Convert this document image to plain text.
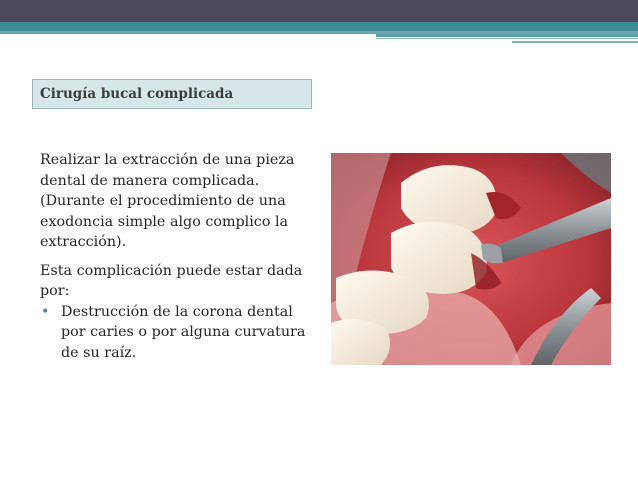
Cirugía bucal complicada

Realizar la extracción de una pieza dental de manera complicada. (Durante el procedimiento de una exodoncia simple algo complico la extracción).

Esta complicación puede estar dada por:

• Destrucción de la corona dental por caries o por alguna curvatura de su raíz.
